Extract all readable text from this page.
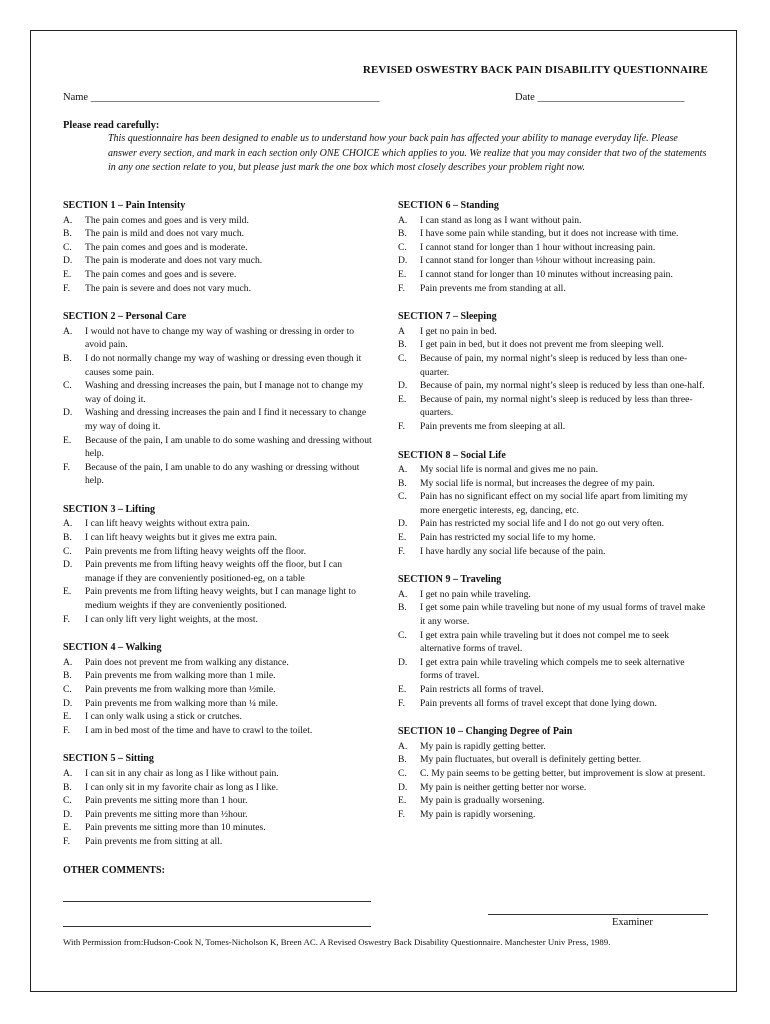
REVISED OSWESTRY BACK PAIN DISABILITY QUESTIONNAIRE
Name _______________________________________________________	Date ____________________________
Please read carefully:
This questionnaire has been designed to enable us to understand how your back pain has affected your ability to manage everyday life. Please answer every section, and mark in each section only ONE CHOICE which applies to you. We realize that you may consider that two of the statements in any one section relate to you, but please just mark the one box which most closely describes your problem right now.
SECTION 1 – Pain Intensity
A.	The pain comes and goes and is very mild.
B.	The pain is mild and does not vary much.
C.	The pain comes and goes and is moderate.
D.	The pain is moderate and does not vary much.
E.	The pain comes and goes and is severe.
F.	The pain is severe and does not vary much.
SECTION 2 – Personal Care
A.	I would not have to change my way of washing or dressing in order to avoid pain.
B.	I do not normally change my way of washing or dressing even though it causes some pain.
C.	Washing and dressing increases the pain, but I manage not to change my way of doing it.
D.	Washing and dressing increases the pain and I find it necessary to change my way of doing it.
E.	Because of the pain, I am unable to do some washing and dressing without help.
F.	Because of the pain, I am unable to do any washing or dressing without help.
SECTION 3 – Lifting
A.	I can lift heavy weights without extra pain.
B.	I can lift heavy weights but it gives me extra pain.
C.	Pain prevents me from lifting heavy weights off the floor.
D.	Pain prevents me from lifting heavy weights off the floor, but I can manage if they are conveniently positioned-eg, on a table
E.	Pain prevents me from lifting heavy weights, but I can manage light to medium weights if they are conveniently positioned.
F.	I can only lift very light weights, at the most.
SECTION 4 – Walking
A.	Pain does not prevent me from walking any distance.
B.	Pain prevents me from walking more than 1 mile.
C.	Pain prevents me from walking more than ½mile.
D.	Pain prevents me from walking more than ¼ mile.
E.	I can only walk using a stick or crutches.
F.	I am in bed most of the time and have to crawl to the toilet.
SECTION 5 – Sitting
A.	I can sit in any chair as long as I like without pain.
B.	I can only sit in my favorite chair as long as I like.
C.	Pain prevents me sitting more than 1 hour.
D.	Pain prevents me sitting more than ½hour.
E.	Pain prevents me sitting more than 10 minutes.
F.	Pain prevents me from sitting at all.
OTHER COMMENTS:
SECTION 6 – Standing
A.	I can stand as long as I want without pain.
B.	I have some pain while standing, but it does not increase with time.
C.	I cannot stand for longer than 1 hour without increasing pain.
D.	I cannot stand for longer than ½hour without increasing pain.
E.	I cannot stand for longer than 10 minutes without increasing pain.
F.	Pain prevents me from standing at all.
SECTION 7 – Sleeping
A	I get no pain in bed.
B.	I get pain in bed, but it does not prevent me from sleeping well.
C.	Because of pain, my normal night’s sleep is reduced by less than one-quarter.
D.	Because of pain, my normal night’s sleep is reduced by less than one-half.
E.	Because of pain, my normal night’s sleep is reduced by less than three-quarters.
F.	Pain prevents me from sleeping at all.
SECTION 8 – Social Life
A.	My social life is normal and gives me no pain.
B.	My social life is normal, but increases the degree of my pain.
C.	Pain has no significant effect on my social life apart from limiting my more energetic interests, eg, dancing, etc.
D.	Pain has restricted my social life and I do not go out very often.
E.	Pain has restricted my social life to my home.
F.	I have hardly any social life because of the pain.
SECTION 9 – Traveling
A.	I get no pain while traveling.
B.	I get some pain while traveling but none of my usual forms of travel make it any worse.
C.	I get extra pain while traveling but it does not compel me to seek alternative forms of travel.
D.	I get extra pain while traveling which compels me to seek alternative forms of travel.
E.	Pain restricts all forms of travel.
F.	Pain prevents all forms of travel except that done lying down.
SECTION 10 – Changing Degree of Pain
A.	My pain is rapidly getting better.
B.	My pain fluctuates, but overall is definitely getting better.
C.	C. My pain seems to be getting better, but improvement is slow at present.
D.	My pain is neither getting better nor worse.
E.	My pain is gradually worsening.
F.	My pain is rapidly worsening.
Examiner
With Permission from:Hudson-Cook N, Tomes-Nicholson K, Breen AC. A Revised Oswestry Back Disability Questionnaire. Manchester Univ Press, 1989.
